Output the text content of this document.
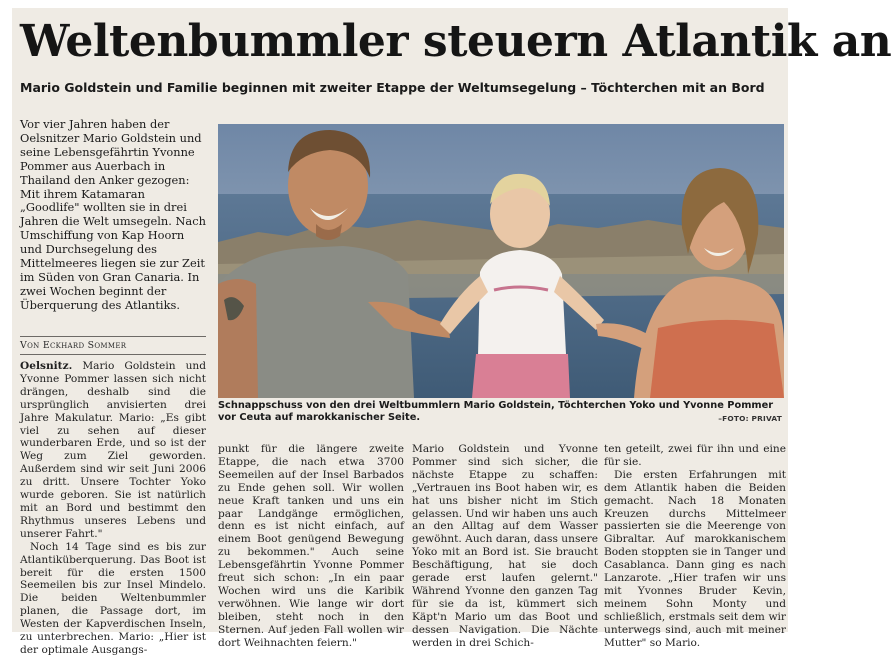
Weltenbummler steuern Atlantik an
Mario Goldstein und Familie beginnen mit zweiter Etappe der Weltumsegelung – Töchterchen mit an Bord

Vor vier Jahren haben der Oelsnitzer Mario Goldstein und seine Lebensgefährtin Yvonne Pommer aus Auerbach in Thailand den Anker gezogen: Mit ihrem Katamaran „Goodlife" wollten sie in drei Jahren die Welt umsegeln. Nach Umschiffung von Kap Hoorn und Durchsegelung des Mittelmeeres liegen sie zur Zeit im Süden von Gran Canaria. In zwei Wochen beginnt der Überquerung des Atlantiks.

Von Eckhard Sommer
Schnappschuss von den drei Weltbummlern Mario Goldstein, Töchterchen Yoko und Yvonne Pommer vor Ceuta auf marokkanischer Seite.	–FOTO: PRIVAT

Oelsnitz. Mario Goldstein und Yvonne Pommer lassen sich nicht drängen, deshalb sind die ursprünglich anvisierten drei Jahre Makulatur. Mario: „Es gibt viel zu sehen auf dieser wunderbaren Erde, und so ist der Weg zum Ziel geworden. Außerdem sind wir seit Juni 2006 zu dritt. Unsere Tochter Yoko wurde geboren. Sie ist natürlich mit an Bord und bestimmt den Rhythmus unseres Lebens und unserer Fahrt."

Noch 14 Tage sind es bis zur Atlantiküberquerung. Das Boot ist bereit für die ersten 1500 Seemeilen bis zur Insel Mindelo. Die beiden Weltenbummler planen, die Passage dort, im Westen der Kapverdischen Inseln, zu unterbrechen. Mario: „Hier ist der optimale Ausgangs-

punkt für die längere zweite Etappe, die nach etwa 3700 Seemeilen auf der Insel Barbados zu Ende gehen soll. Wir wollen neue Kraft tanken und uns ein paar Landgänge ermöglichen, denn es ist nicht einfach, auf einem Boot genügend Bewegung zu bekommen." Auch seine Lebensgefährtin Yvonne Pommer freut sich schon: „In ein paar Wochen wird uns die Karibik verwöhnen. Wie lange wir dort bleiben, steht noch in den Sternen. Auf jeden Fall wollen wir dort Weihnachten feiern."

Mario Goldstein und Yvonne Pommer sind sich sicher, die nächste Etappe zu schaffen: „Vertrauen ins Boot haben wir, es hat uns bisher nicht im Stich gelassen. Und wir haben uns auch an den Alltag auf dem Wasser gewöhnt. Auch daran, dass unsere Yoko mit an Bord ist. Sie braucht Beschäftigung, hat sie doch gerade erst laufen gelernt." Während Yvonne den ganzen Tag für sie da ist, kümmert sich Käpt'n Mario um das Boot und dessen Navigation. Die Nächte werden in drei Schich-

ten geteilt, zwei für ihn und eine für sie.

Die ersten Erfahrungen mit dem Atlantik haben die Beiden gemacht. Nach 18 Monaten Kreuzen durchs Mittelmeer passierten sie die Meerenge von Gibraltar. Auf marokkanischem Boden stoppten sie in Tanger und Casablanca. Dann ging es nach Lanzarote. „Hier trafen wir uns mit Yvonnes Bruder Kevin, meinem Sohn Monty und schließlich, erstmals seit dem wir unterwegs sind, auch mit meiner Mutter" so Mario.
